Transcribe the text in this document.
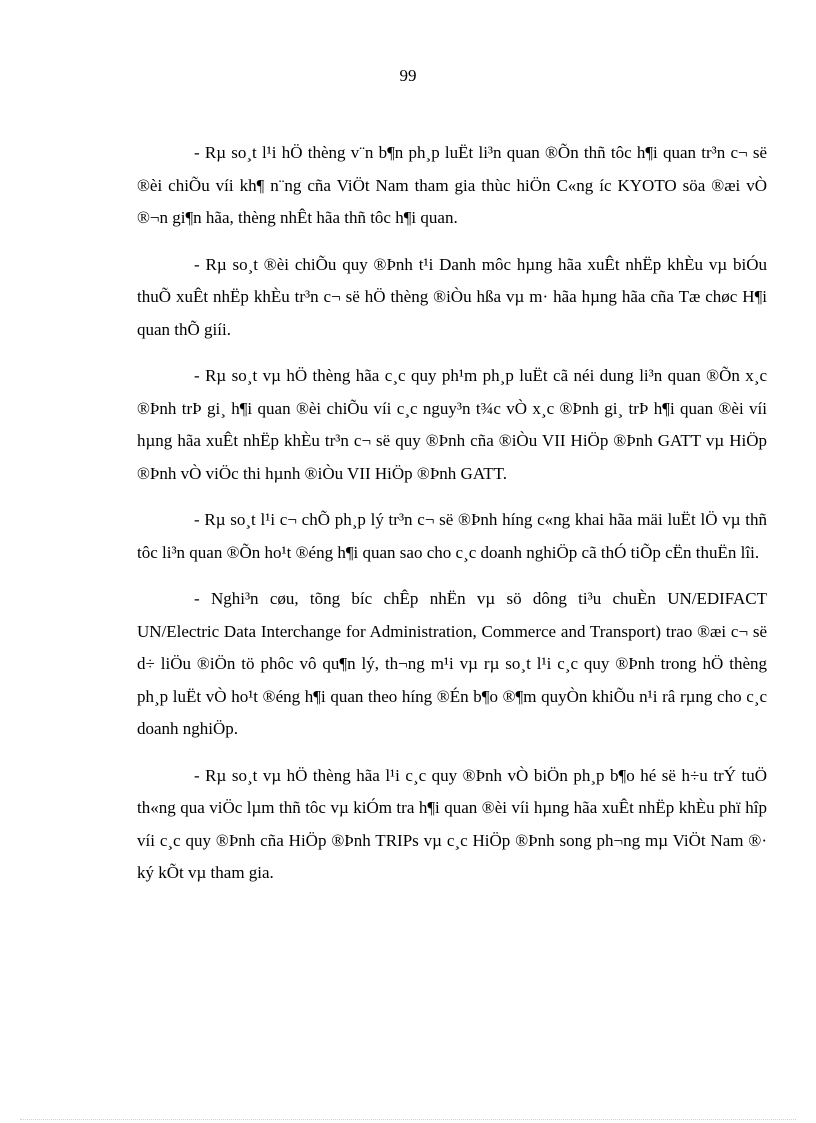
99

- Rµ so¸t l¹i hÖ thèng v¨n b¶n ph¸p luËt li³n quan ®Õn thñ tôc h¶i quan tr³n c¬ së ®èi chiÕu víi kh¶ n¨ng cña ViÖt Nam tham gia thùc hiÖn C«ng íc KYOTO söa ®æi vÒ ®¬n gi¶n hãa, thèng nhÊt hãa thñ tôc h¶i quan.

- Rµ so¸t ®èi chiÕu quy ®Þnh t¹i Danh môc hµng hãa xuÊt nhËp khÈu vµ biÓu thuÕ xuÊt nhËp khÈu tr³n c¬ së hÖ thèng ®iÒu hßa vµ m· hãa hµng hãa cña Tæ chøc H¶i quan thÕ giíi.

- Rµ so¸t vµ hÖ thèng hãa c¸c quy ph¹m ph¸p luËt cã néi dung li³n quan ®Õn x¸c ®Þnh trÞ gi¸ h¶i quan ®èi chiÕu víi c¸c nguy³n t¾c vÒ x¸c ®Þnh gi¸ trÞ h¶i quan ®èi víi hµng hãa xuÊt nhËp khÈu tr³n c¬ së quy ®Þnh cña ®iÒu VII HiÖp ®Þnh GATT vµ HiÖp ®Þnh vÒ viÖc thi hµnh ®iÒu VII HiÖp ®Þnh GATT.

- Rµ so¸t l¹i c¬ chÕ ph¸p lý tr³n c¬ së ®Þnh híng c«ng khai hãa mäi luËt lÖ vµ thñ tôc li³n quan ®Õn ho¹t ®éng h¶i quan sao cho c¸c doanh nghiÖp cã thÓ tiÕp cËn thuËn lîi.

- Nghi³n cøu, tõng bíc chÊp nhËn vµ sö dông ti³u chuÈn UN/EDIFACT UN/Electric Data Interchange for Administration, Commerce and Transport) trao ®æi c¬ së d÷ liÖu ®iÖn tö phôc vô qu¶n lý, th¬ng m¹i vµ rµ so¸t l¹i c¸c quy ®Þnh trong hÖ thèng ph¸p luËt vÒ ho¹t ®éng h¶i quan theo híng ®Én b¶o ®¶m quyÒn khiÕu n¹i râ rµng cho c¸c doanh nghiÖp.

- Rµ so¸t vµ hÖ thèng hãa l¹i c¸c quy ®Þnh vÒ biÖn ph¸p b¶o hé së h÷u trÝ tuÖ th«ng qua viÖc lµm thñ tôc vµ kiÓm tra h¶i quan ®èi víi hµng hãa xuÊt nhËp khÈu phï hîp víi c¸c quy ®Þnh cña HiÖp ®Þnh TRIPs vµ c¸c HiÖp ®Þnh song ph¬ng mµ ViÖt Nam ®· ký kÕt vµ tham gia.
